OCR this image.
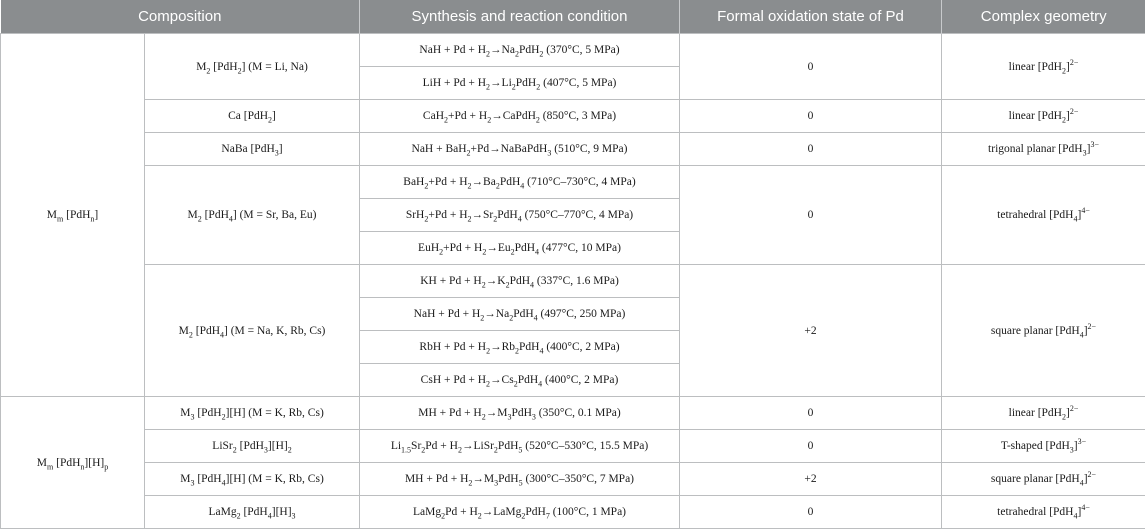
Composition		Synthesis and reaction condition	Formal oxidation state of Pd	Complex geometry
$M_m$ [PdH$_n$]	$M_2$ [PdH$_2$] (M = Li, Na)	NaH + $Pd + H_2\to Na_2PdH_2$ (370°C, 5 MPa)	0	linear $[PdH_2]^{2-}$
		LiH + $Pd + H_2\to Li_2PdH_2$ (407°C, 5 MPa)		
	Ca [PdH$_2$]	$CaH_2+Pd + H_2\to CaPdH_2$ (850°C, 3 MPa)	0	linear $[PdH_2]^{2-}$
	NaBa [PdH$_3$]	NaH + BaH$_2$+Pd→NaBaPdH$_3$ (510°C, 9 MPa)	0	trigonal planar $[PdH_3]^{3-}$
	$M_2$ [PdH$_4$] (M = Sr, Ba, Eu)	$BaH_2+Pd + H_2\to Ba_2PdH_4$ (710°C–730°C, 4 MPa)	0	tetrahedral $[PdH_4]^{4-}$
		$SrH_2+Pd + H_2\to Sr_2PdH_4$ (750°C–770°C, 4 MPa)		
		$EuH_2+Pd + H_2\to Eu_2PdH_4$ (477°C, 10 MPa)		
	$M_2$ [PdH$_4$] (M = Na, K, Rb, Cs)	KH + $Pd + H_2\to K_2PdH_4$ (337°C, 1.6 MPa)	+2	square planar $[PdH_4]^{2-}$
		NaH + $Pd + H_2\to Na_2PdH_4$ (497°C, 250 MPa)		
		RbH + $Pd + H_2\to Rb_2PdH_4$ (400°C, 2 MPa)		
		CsH + $Pd + H_2\to Cs_2PdH_4$ (400°C, 2 MPa)		
$M_m$ $[PdH_n][H]_p$	$M_3$ [PdH$_2$][H] (M = K, Rb, Cs)	MH + $Pd + H_2\to M_3PdH_3$ (350°C, 0.1 MPa)	0	linear $[PdH_2]^{2-}$
	LiSr$_2$ $[PdH_3][H]_2$	$Li_{1.5}Sr_2Pd$ + $H_2\to LiSr_2PdH_5$ (520°C–530°C, 15.5 MPa)	0	T-shaped $[PdH_3]^{3-}$
	$M_3$ [PdH$_4$][H] (M = K, Rb, Cs)	MH + $Pd + H_2\to M_3PdH_5$ (300°C–350°C, 7 MPa)	+2	square planar $[PdH_4]^{2-}$
	LaMg$_2$ $[PdH_4][H]_3$	LaMg$_2$Pd + $H_2\to LaMg_2PdH_7$ (100°C, 1 MPa)	0	tetrahedral $[PdH_4]^{4-}$
